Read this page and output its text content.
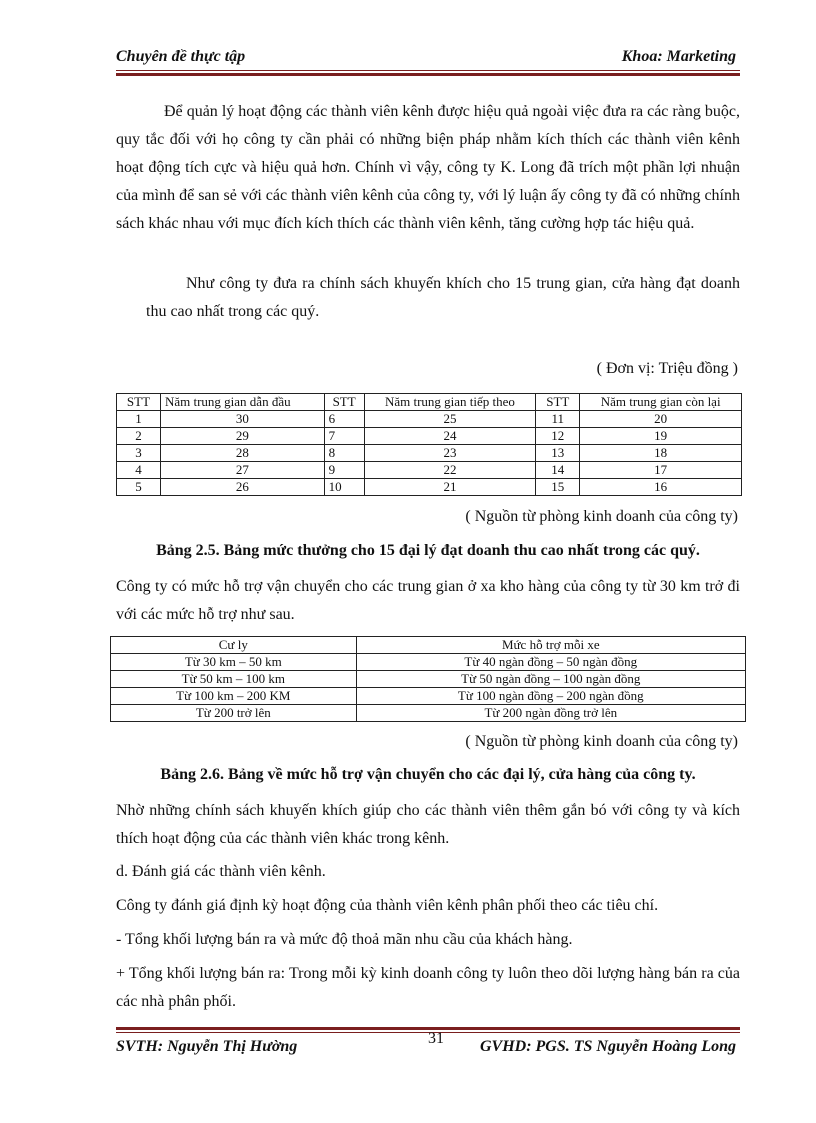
Chuyên đề thực tập	Khoa: Marketing
Để quản lý hoạt động các thành viên kênh được hiệu quả ngoài việc đưa ra các ràng buộc, quy tắc đối với họ công ty cần phải có những biện pháp nhằm kích thích các thành viên kênh hoạt động tích cực và hiệu quả hơn. Chính vì vậy, công ty K. Long đã trích một phần lợi nhuận của mình để san sẻ với các thành viên kênh của công ty, với lý luận ấy công ty đã có những chính sách khác nhau với mục đích kích thích các thành viên kênh, tăng cường hợp tác hiệu quả.
Như công ty đưa ra chính sách khuyến khích cho 15 trung gian, cửa hàng đạt doanh thu cao nhất trong các quý.
( Đơn vị: Triệu đồng )
STT	Năm trung gian dẫn đầu	STT	Năm trung gian tiếp theo	STT	Năm trung gian còn lại
1	30	6	25	11	20
2	29	7	24	12	19
3	28	8	23	13	18
4	27	9	22	14	17
5	26	10	21	15	16
( Nguồn từ phòng kinh doanh của công ty)
Bảng 2.5. Bảng mức thưởng cho 15 đại lý đạt doanh thu cao nhất trong các quý.
Công ty có mức hỗ trợ vận chuyển cho các trung gian ở xa kho hàng của công ty từ 30 km trở đi với các mức hỗ trợ như sau.
Cư ly	Mức hỗ trợ mỗi xe
Từ 30 km – 50 km	Từ 40 ngàn đồng – 50 ngàn đồng
Từ 50 km – 100 km	Từ 50 ngàn đồng – 100 ngàn đồng
Từ 100 km – 200 KM	Từ 100 ngàn đồng – 200 ngàn đồng
Từ 200 trở lên	Từ 200 ngàn đồng trở lên
( Nguồn từ phòng kinh doanh của công ty)
Bảng 2.6. Bảng về mức hỗ trợ vận chuyển cho các đại lý, cửa hàng của công ty.
Nhờ những chính sách khuyến khích giúp cho các thành viên thêm gắn bó với công ty và kích thích hoạt động của các thành viên khác trong kênh.
d. Đánh giá các thành viên kênh.
Công ty đánh giá định kỳ hoạt động của thành viên kênh phân phối theo các tiêu chí.
- Tổng khối lượng bán ra và mức độ thoả mãn nhu cầu của khách hàng.
+ Tổng khối lượng bán ra: Trong mỗi kỳ kinh doanh công ty luôn theo dõi lượng hàng bán ra của các nhà phân phối.
31
SVTH: Nguyễn Thị Hường	GVHD: PGS. TS Nguyễn Hoàng Long
